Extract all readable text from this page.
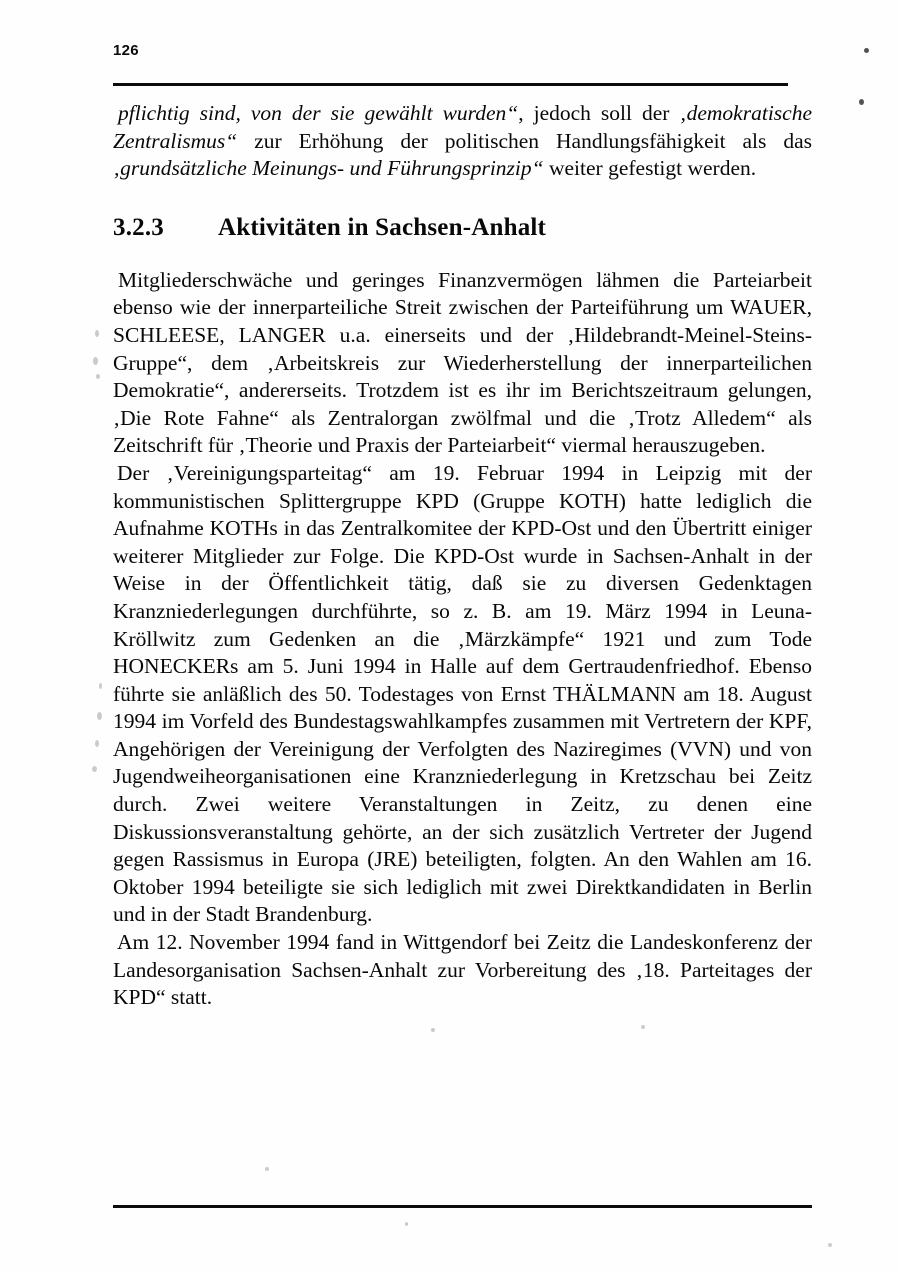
126

pflichtig sind, von der sie gewählt wurden“, jedoch soll der ‚demokratische Zentralismus“ zur Erhöhung der politischen Handlungsfähigkeit als das ‚grundsätzliche Meinungs- und Führungsprinzip“ weiter gefestigt werden.

3.2.3	Aktivitäten in Sachsen-Anhalt

Mitgliederschwäche und geringes Finanzvermögen lähmen die Parteiarbeit ebenso wie der innerparteiliche Streit zwischen der Parteiführung um WAUER, SCHLEESE, LANGER u.a. einerseits und der ‚Hildebrandt-Meinel-Steins-Gruppe“, dem ‚Arbeitskreis zur Wiederherstellung der innerparteilichen Demokratie“, andererseits. Trotzdem ist es ihr im Berichtszeitraum gelungen, ‚Die Rote Fahne“ als Zentralorgan zwölfmal und die ‚Trotz Alledem“ als Zeitschrift für ‚Theorie und Praxis der Parteiarbeit“ viermal herauszugeben.

Der ‚Vereinigungsparteitag“ am 19. Februar 1994 in Leipzig mit der kommunistischen Splittergruppe KPD (Gruppe KOTH) hatte lediglich die Aufnahme KOTHs in das Zentralkomitee der KPD-Ost und den Übertritt einiger weiterer Mitglieder zur Folge. Die KPD-Ost wurde in Sachsen-Anhalt in der Weise in der Öffentlichkeit tätig, daß sie zu diversen Gedenktagen Kranzniederlegungen durchführte, so z. B. am 19. März 1994 in Leuna-Kröllwitz zum Gedenken an die ‚Märzkämpfe“ 1921 und zum Tode HONECKERs am 5. Juni 1994 in Halle auf dem Gertraudenfriedhof. Ebenso führte sie anläßlich des 50. Todestages von Ernst THÄLMANN am 18. August 1994 im Vorfeld des Bundestagswahlkampfes zusammen mit Vertretern der KPF, Angehörigen der Vereinigung der Verfolgten des Naziregimes (VVN) und von Jugendweiheorganisationen eine Kranzniederlegung in Kretzschau bei Zeitz durch. Zwei weitere Veranstaltungen in Zeitz, zu denen eine Diskussionsveranstaltung gehörte, an der sich zusätzlich Vertreter der Jugend gegen Rassismus in Europa (JRE) beteiligten, folgten. An den Wahlen am 16. Oktober 1994 beteiligte sie sich lediglich mit zwei Direktkandidaten in Berlin und in der Stadt Brandenburg.

Am 12. November 1994 fand in Wittgendorf bei Zeitz die Landeskonferenz der Landesorganisation Sachsen-Anhalt zur Vorbereitung des ‚18. Parteitages der KPD“ statt.
